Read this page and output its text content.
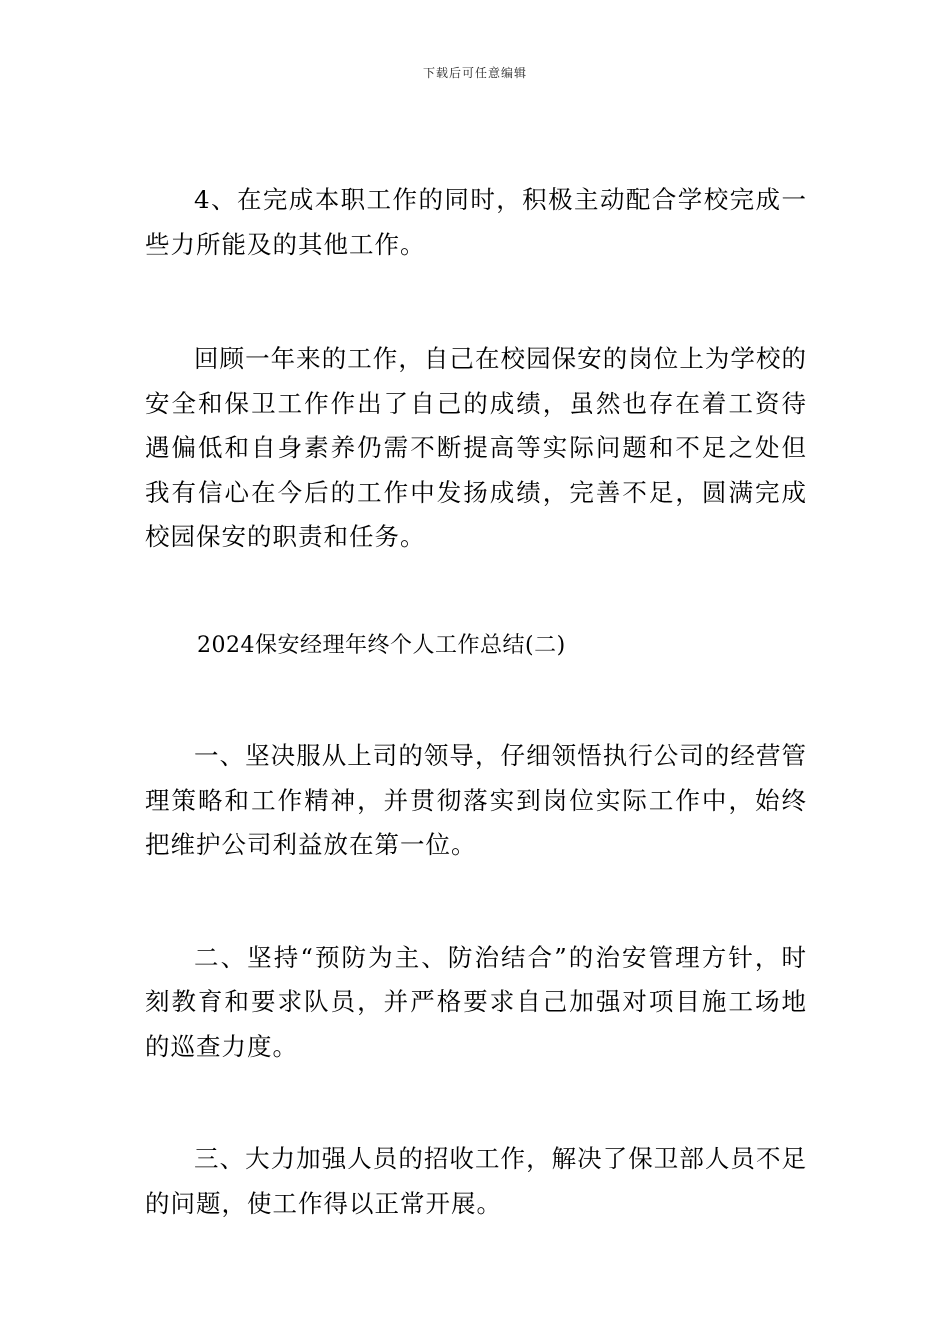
下载后可任意编辑

4、在完成本职工作的同时，积极主动配合学校完成一些力所能及的其他工作。

回顾一年来的工作，自己在校园保安的岗位上为学校的安全和保卫工作作出了自己的成绩，虽然也存在着工资待遇偏低和自身素养仍需不断提高等实际问题和不足之处但我有信心在今后的工作中发扬成绩，完善不足，圆满完成校园保安的职责和任务。

2024保安经理年终个人工作总结(二)

一、坚决服从上司的领导，仔细领悟执行公司的经营管理策略和工作精神，并贯彻落实到岗位实际工作中，始终把维护公司利益放在第一位。

二、坚持“预防为主、防治结合”的治安管理方针，时刻教育和要求队员，并严格要求自己加强对项目施工场地的巡查力度。

三、大力加强人员的招收工作，解决了保卫部人员不足的问题，使工作得以正常开展。
